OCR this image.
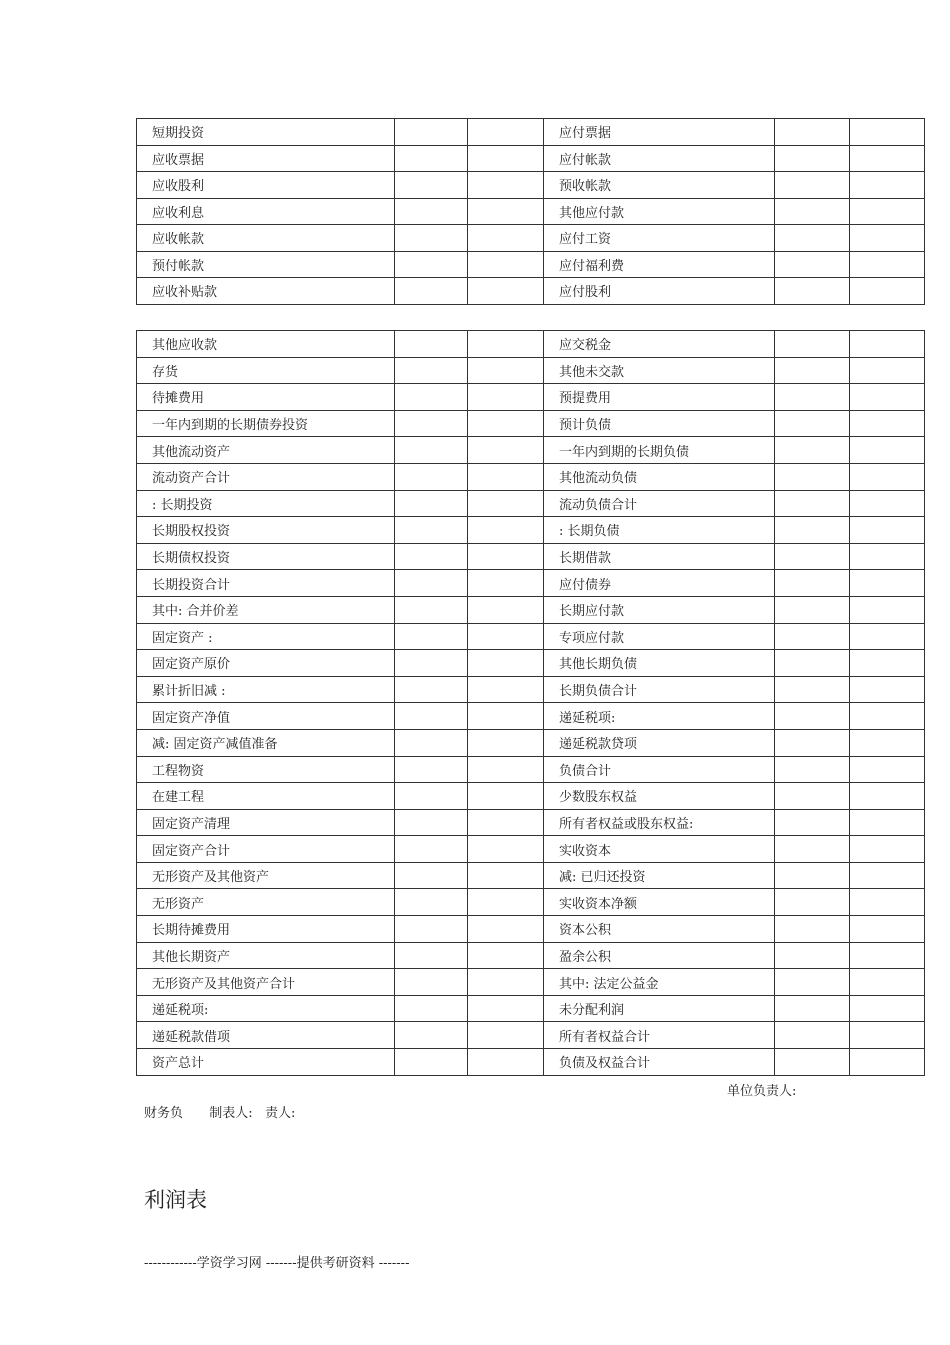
短期投资			应付票据		
应收票据			应付帐款		
应收股利			预收帐款		
应收利息			其他应付款		
应收帐款			应付工资		
预付帐款			应付福利费		
应收补贴款			应付股利		
其他应收款			应交税金		
存货			其他未交款		
待摊费用			预提费用		
一年内到期的长期债券投资			预计负债		
其他流动资产			一年内到期的长期负债		
流动资产合计			其他流动负债		
: 长期投资			流动负债合计		
长期股权投资			: 长期负债		
长期债权投资			长期借款		
长期投资合计			应付债券		
其中: 合并价差			长期应付款		
固定资产 :			专项应付款		
固定资产原价			其他长期负债		
累计折旧减 :			长期负债合计		
固定资产净值			递延税项:		
减: 固定资产减值准备			递延税款贷项		
工程物资			负债合计		
在建工程			少数股东权益		
固定资产清理			所有者权益或股东权益:		
固定资产合计			实收资本		
无形资产及其他资产			减: 已归还投资		
无形资产			实收资本净额		
长期待摊费用			资本公积		
其他长期资产			盈余公积		
无形资产及其他资产合计			其中: 法定公益金		
递延税项:			未分配利润		
递延税款借项			所有者权益合计		
资产总计			负债及权益合计		
单位负责人:
财务负 制表人: 责人:
利润表
------------学资学习网 -------提供考研资料 -------
